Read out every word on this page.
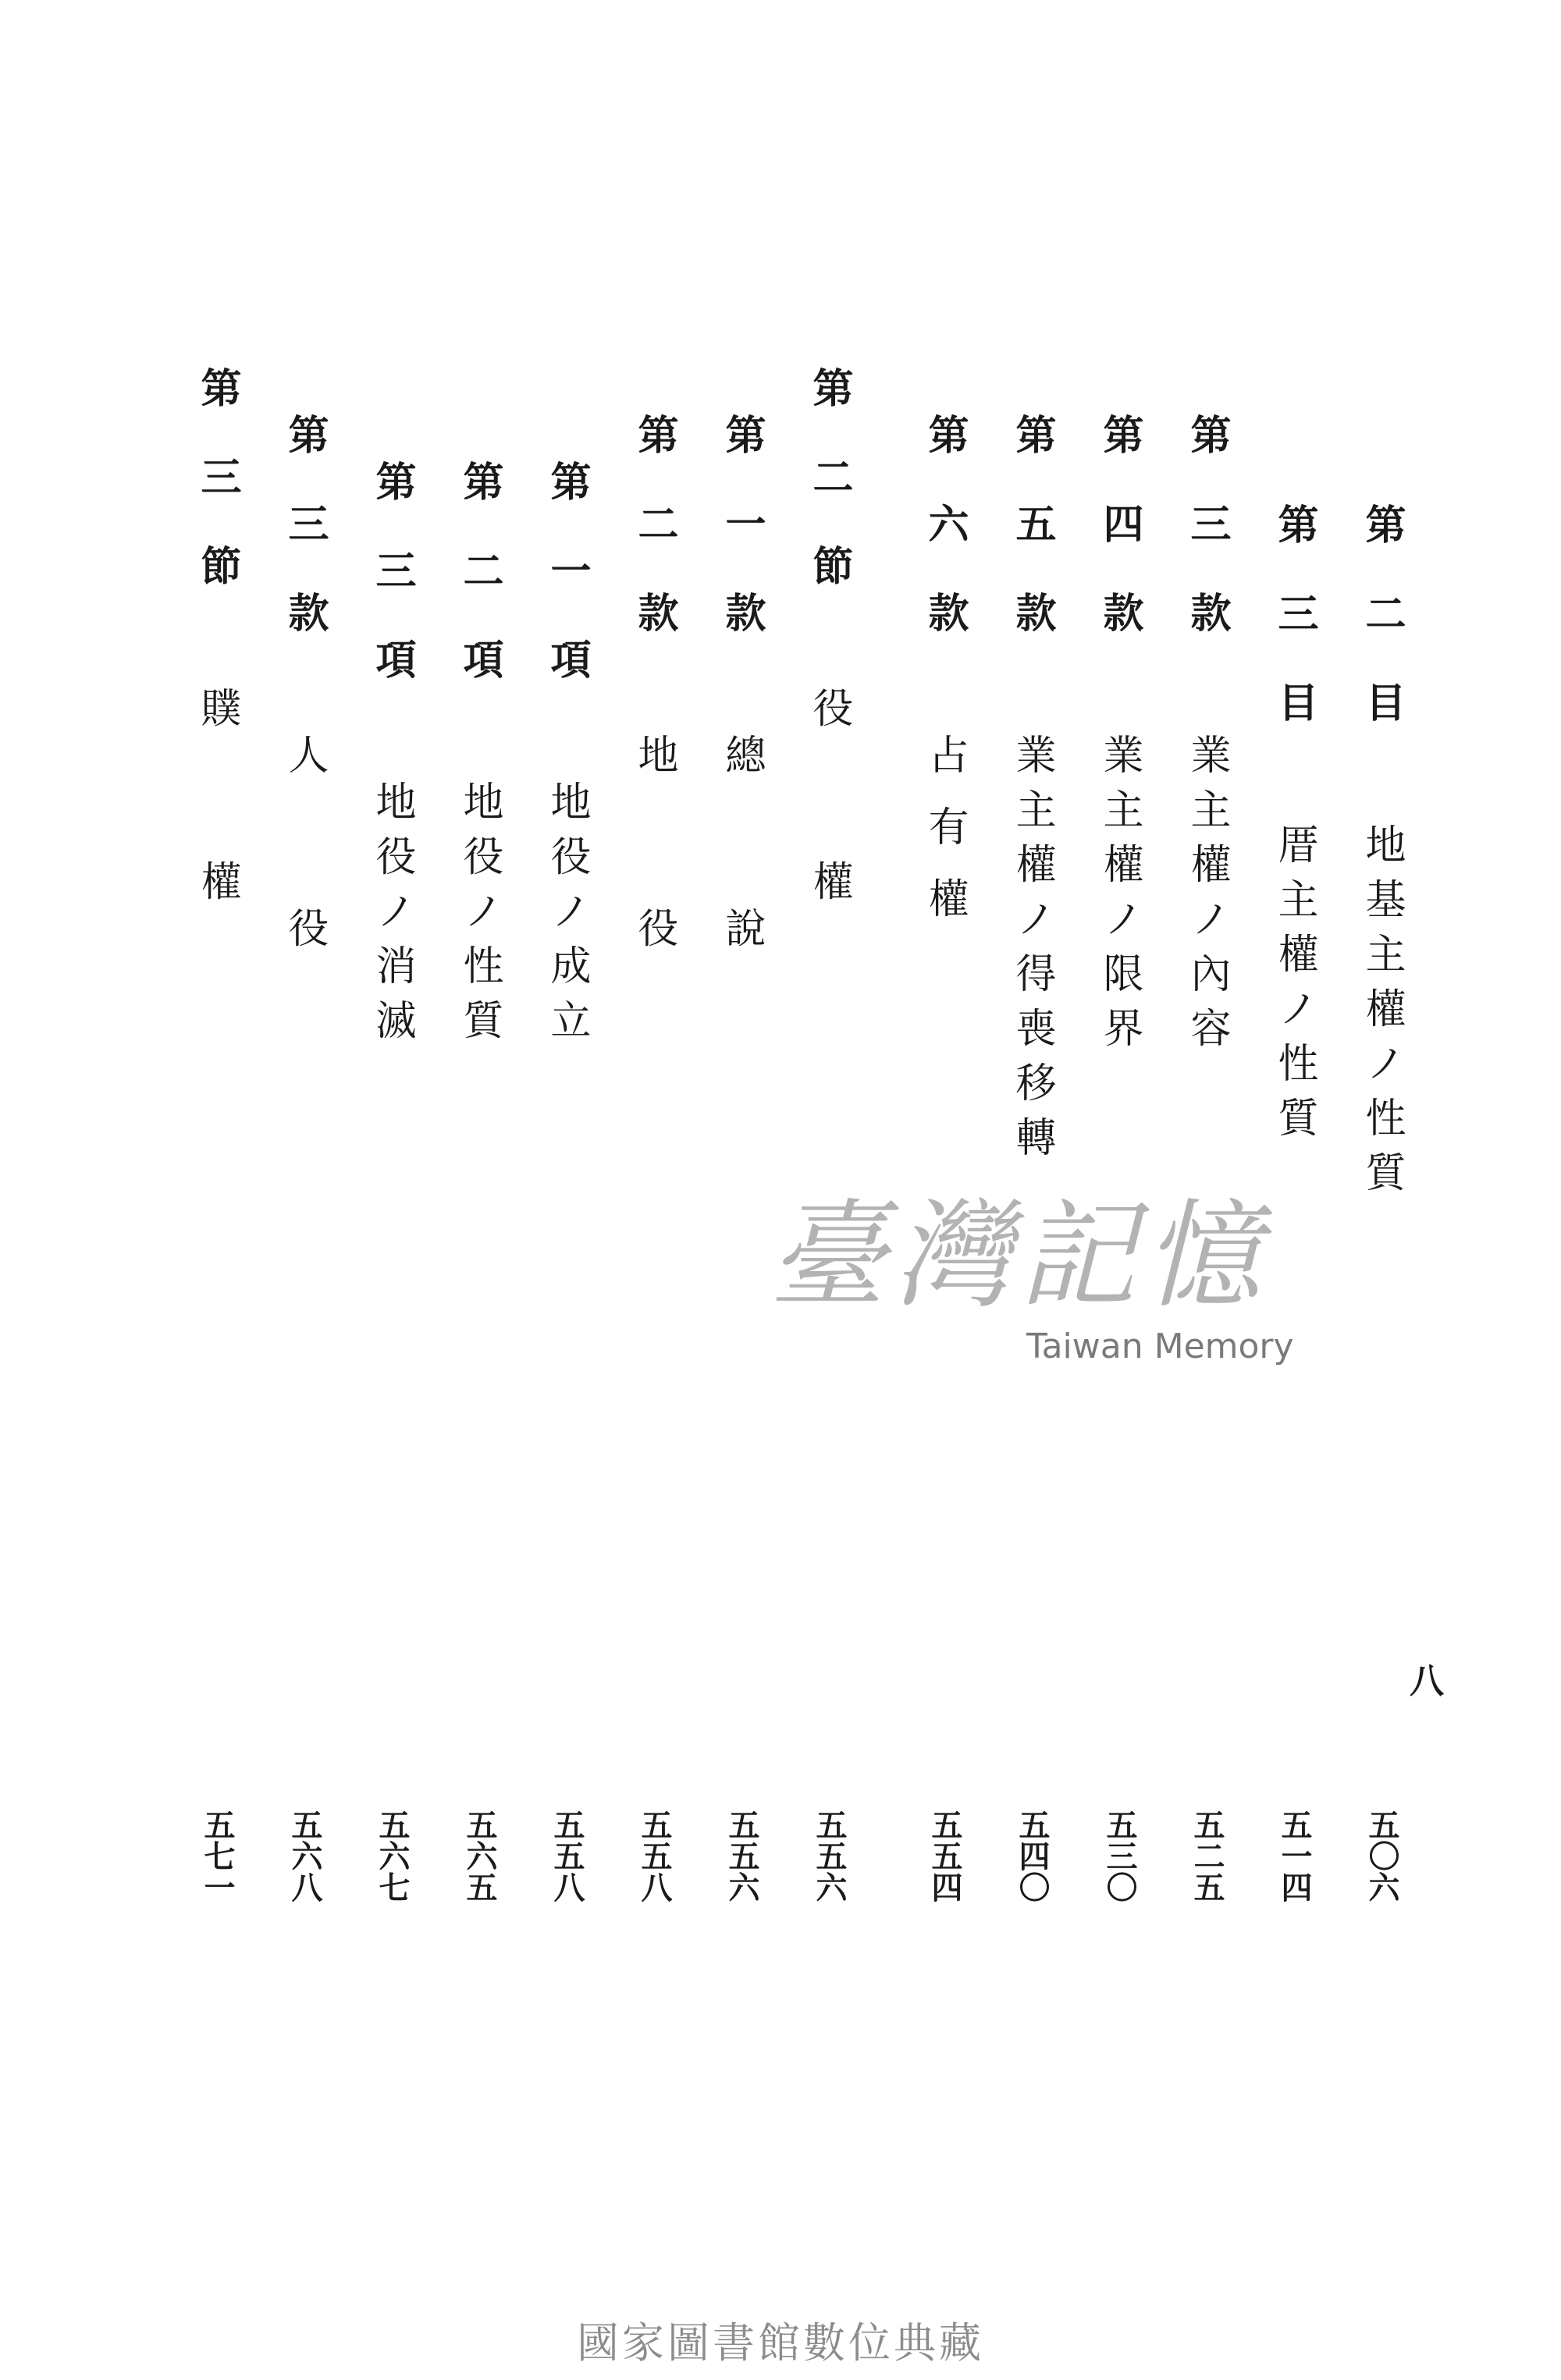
第二目
地基主權ノ性質
五〇六
第三目
厝主權ノ性質
五一四
第三款
業主權ノ內容
五二五
第四款
業主權ノ限界
五三〇
第五款
業主權ノ得喪移轉
五四〇
第六款
占有權
五五四
第二節
役權
五五六
第一款
總說
五五六
第二款
地役
五五八
第一項
地役ノ成立
五五八
第二項
地役ノ性質
五六五
第三項
地役ノ消滅
五六七
第三款
人役
五六八
第三節
贌權
五七一
八
臺灣記憶
Taiwan Memory
國家圖書館數位典藏
